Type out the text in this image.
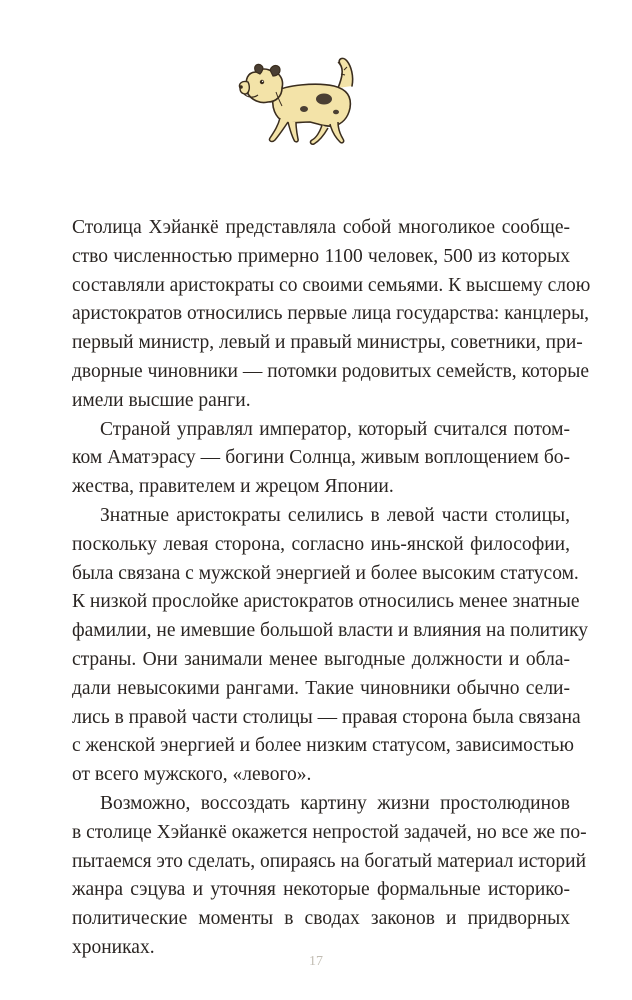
Столица Хэйанкё представляла собой многоликое сообще-
ство численностью примерно 1100 человек, 500 из которых
составляли аристократы со своими семьями. К высшему слою
аристократов относились первые лица государства: канцлеры,
первый министр, левый и правый министры, советники, при-
дворные чиновники — потомки родовитых семейств, которые
имели высшие ранги.

Страной управлял император, который считался потом-
ком Аматэрасу — богини Солнца, живым воплощением бо-
жества, правителем и жрецом Японии.

Знатные аристократы селились в левой части столицы,
поскольку левая сторона, согласно инь-янской философии,
была связана с мужской энергией и более высоким статусом.
К низкой прослойке аристократов относились менее знатные
фамилии, не имевшие большой власти и влияния на политику
страны. Они занимали менее выгодные должности и обла-
дали невысокими рангами. Такие чиновники обычно сели-
лись в правой части столицы — правая сторона была связана
с женской энергией и более низким статусом, зависимостью
от всего мужского, «левого».

Возможно, воссоздать картину жизни простолюдинов
в столице Хэйанкё окажется непростой задачей, но все же по-
пытаемся это сделать, опираясь на богатый материал историй
жанра сэцува и уточняя некоторые формальные историко-
политические моменты в сводах законов и придворных
хрониках.

17
